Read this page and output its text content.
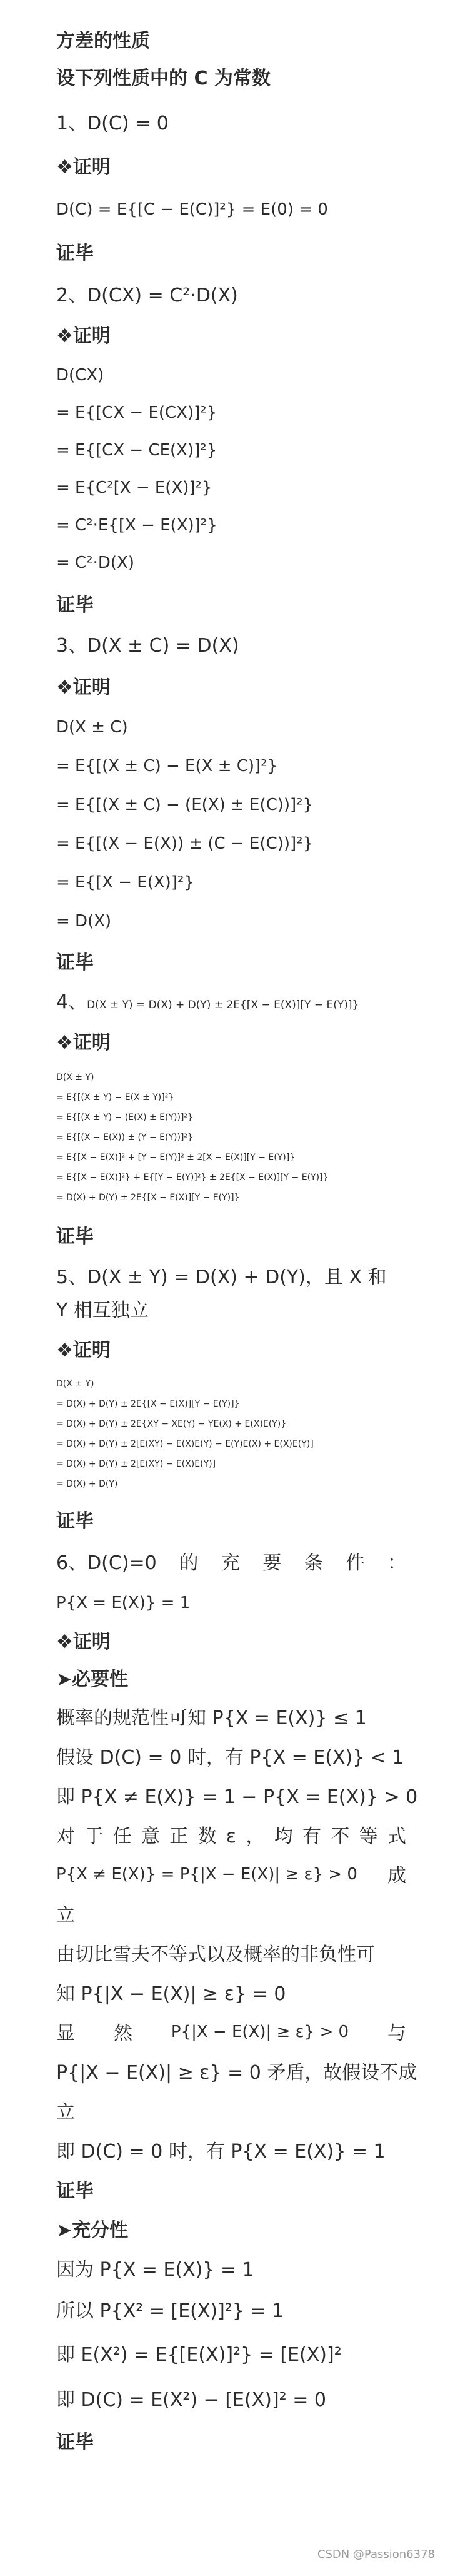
方差的性质
设下列性质中的 C 为常数
1、D(C) = 0
❖证明
D(C) = E{[C − E(C)]²} = E(0) = 0
证毕
2、D(CX) = C²·D(X)
❖证明
D(CX)
= E{[CX − E(CX)]²}
= E{[CX − CE(X)]²}
= E{C²[X − E(X)]²}
= C²·E{[X − E(X)]²}
= C²·D(X)
证毕
3、D(X ± C) = D(X)
❖证明
D(X ± C)
= E{[(X ± C) − E(X ± C)]²}
= E{[(X ± C) − (E(X) ± E(C))]²}
= E{[(X − E(X)) ± (C − E(C))]²}
= E{[X − E(X)]²}
= D(X)
证毕
4、D(X ± Y) = D(X) + D(Y) ± 2E{[X − E(X)][Y − E(Y)]}
❖证明
D(X ± Y)
= E{[(X ± Y) − E(X ± Y)]²}
= E{[(X ± Y) − (E(X) ± E(Y))]²}
= E{[(X − E(X)) ± (Y − E(Y))]²}
= E{[X − E(X)]² + [Y − E(Y)]² ± 2[X − E(X)][Y − E(Y)]}
= E{[X − E(X)]²} + E{[Y − E(Y)]²} ± 2E{[X − E(X)][Y − E(Y)]}
= D(X) + D(Y) ± 2E{[X − E(X)][Y − E(Y)]}
证毕
5、D(X ± Y) = D(X) + D(Y)，且 X 和
Y 相互独立
❖证明
D(X ± Y)
= D(X) + D(Y) ± 2E{[X − E(X)][Y − E(Y)]}
= D(X) + D(Y) ± 2E{XY − XE(Y) − YE(X) + E(X)E(Y)}
= D(X) + D(Y) ± 2[E(XY) − E(X)E(Y) − E(Y)E(X) + E(X)E(Y)]
= D(X) + D(Y) ± 2[E(XY) − E(X)E(Y)]
= D(X) + D(Y)
证毕
6、D(C)=0 的 充 要 条 件 ：
P{X = E(X)} = 1
❖证明
➤必要性
概率的规范性可知 P{X = E(X)} ≤ 1
假设 D(C) = 0 时，有 P{X = E(X)} < 1
即 P{X ≠ E(X)} = 1 − P{X = E(X)} > 0
对 于 任 意 正 数 ε ， 均 有 不 等 式
P{X ≠ E(X)} = P{|X − E(X)| ≥ ε} > 0 成
立
由切比雪夫不等式以及概率的非负性可
知 P{|X − E(X)| ≥ ε} = 0
显 然 P{|X − E(X)| ≥ ε} > 0 与
P{|X − E(X)| ≥ ε} = 0 矛盾，故假设不成
立
即 D(C) = 0 时，有 P{X = E(X)} = 1
证毕
➤充分性
因为 P{X = E(X)} = 1
所以 P{X² = [E(X)]²} = 1
即 E(X²) = E{[E(X)]²} = [E(X)]²
即 D(C) = E(X²) − [E(X)]² = 0
证毕
CSDN @Passion6378
